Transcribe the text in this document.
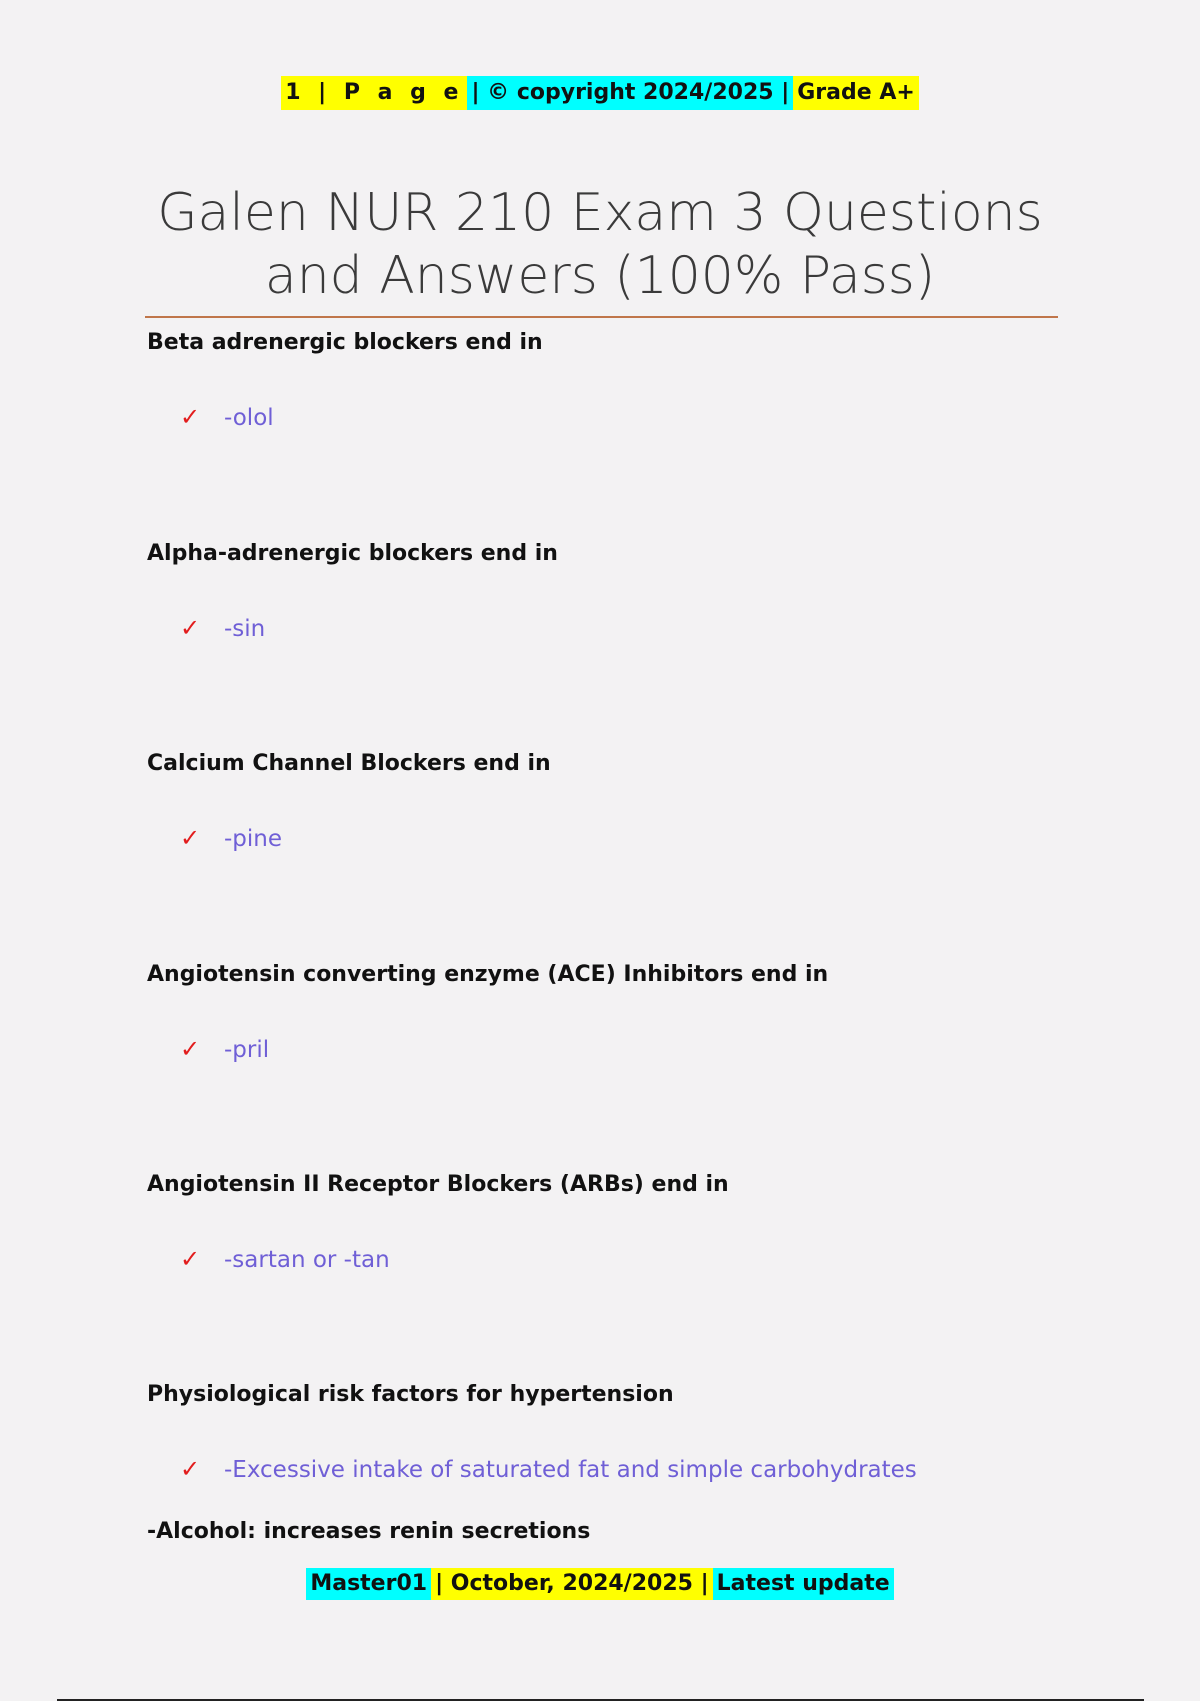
1 | P a g e | © copyright 2024/2025 | Grade A+
Galen NUR 210 Exam 3 Questions
and Answers (100% Pass)
Beta adrenergic blockers end in
✓ -olol
Alpha-adrenergic blockers end in
✓ -sin
Calcium Channel Blockers end in
✓ -pine
Angiotensin converting enzyme (ACE) Inhibitors end in
✓ -pril
Angiotensin II Receptor Blockers (ARBs) end in
✓ -sartan or -tan
Physiological risk factors for hypertension
✓ -Excessive intake of saturated fat and simple carbohydrates
-Alcohol: increases renin secretions
Master01 | October, 2024/2025 | Latest update
